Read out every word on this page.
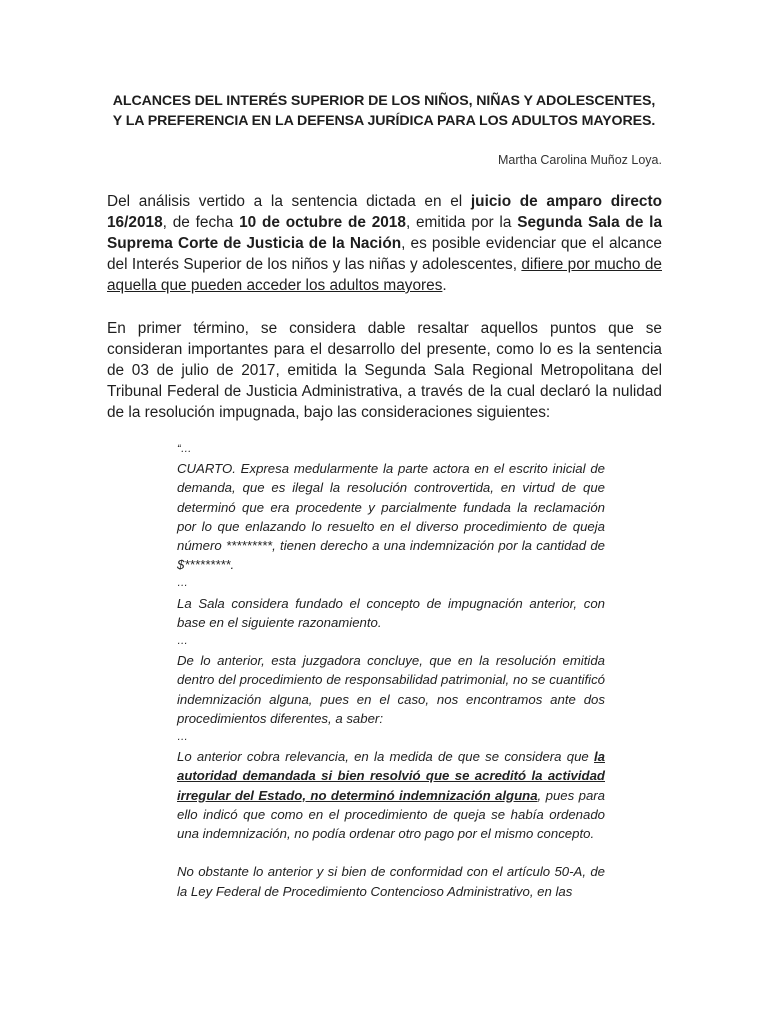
ALCANCES DEL INTERÉS SUPERIOR DE LOS NIÑOS, NIÑAS Y ADOLESCENTES,
Y LA PREFERENCIA EN LA DEFENSA JURÍDICA PARA LOS ADULTOS MAYORES.
Martha Carolina Muñoz Loya.

Del análisis vertido a la sentencia dictada en el juicio de amparo directo 16/2018, de fecha 10 de octubre de 2018, emitida por la Segunda Sala de la Suprema Corte de Justicia de la Nación, es posible evidenciar que el alcance del Interés Superior de los niños y las niñas y adolescentes, difiere por mucho de aquella que pueden acceder los adultos mayores.

En primer término, se considera dable resaltar aquellos puntos que se consideran importantes para el desarrollo del presente, como lo es la sentencia de 03 de julio de 2017, emitida la Segunda Sala Regional Metropolitana del Tribunal Federal de Justicia Administrativa, a través de la cual declaró la nulidad de la resolución impugnada, bajo las consideraciones siguientes:

“…

CUARTO. Expresa medularmente la parte actora en el escrito inicial de demanda, que es ilegal la resolución controvertida, en virtud de que determinó que era procedente y parcialmente fundada la reclamación por lo que enlazando lo resuelto en el diverso procedimiento de queja número *********, tienen derecho a una indemnización por la cantidad de $*********.

…

La Sala considera fundado el concepto de impugnación anterior, con base en el siguiente razonamiento.

…

De lo anterior, esta juzgadora concluye, que en la resolución emitida dentro del procedimiento de responsabilidad patrimonial, no se cuantificó indemnización alguna, pues en el caso, nos encontramos ante dos procedimientos diferentes, a saber:

…

Lo anterior cobra relevancia, en la medida de que se considera que la autoridad demandada si bien resolvió que se acreditó la actividad irregular del Estado, no determinó indemnización alguna, pues para ello indicó que como en el procedimiento de queja se había ordenado una indemnización, no podía ordenar otro pago por el mismo concepto.

No obstante lo anterior y si bien de conformidad con el artículo 50-A, de la Ley Federal de Procedimiento Contencioso Administrativo, en las
